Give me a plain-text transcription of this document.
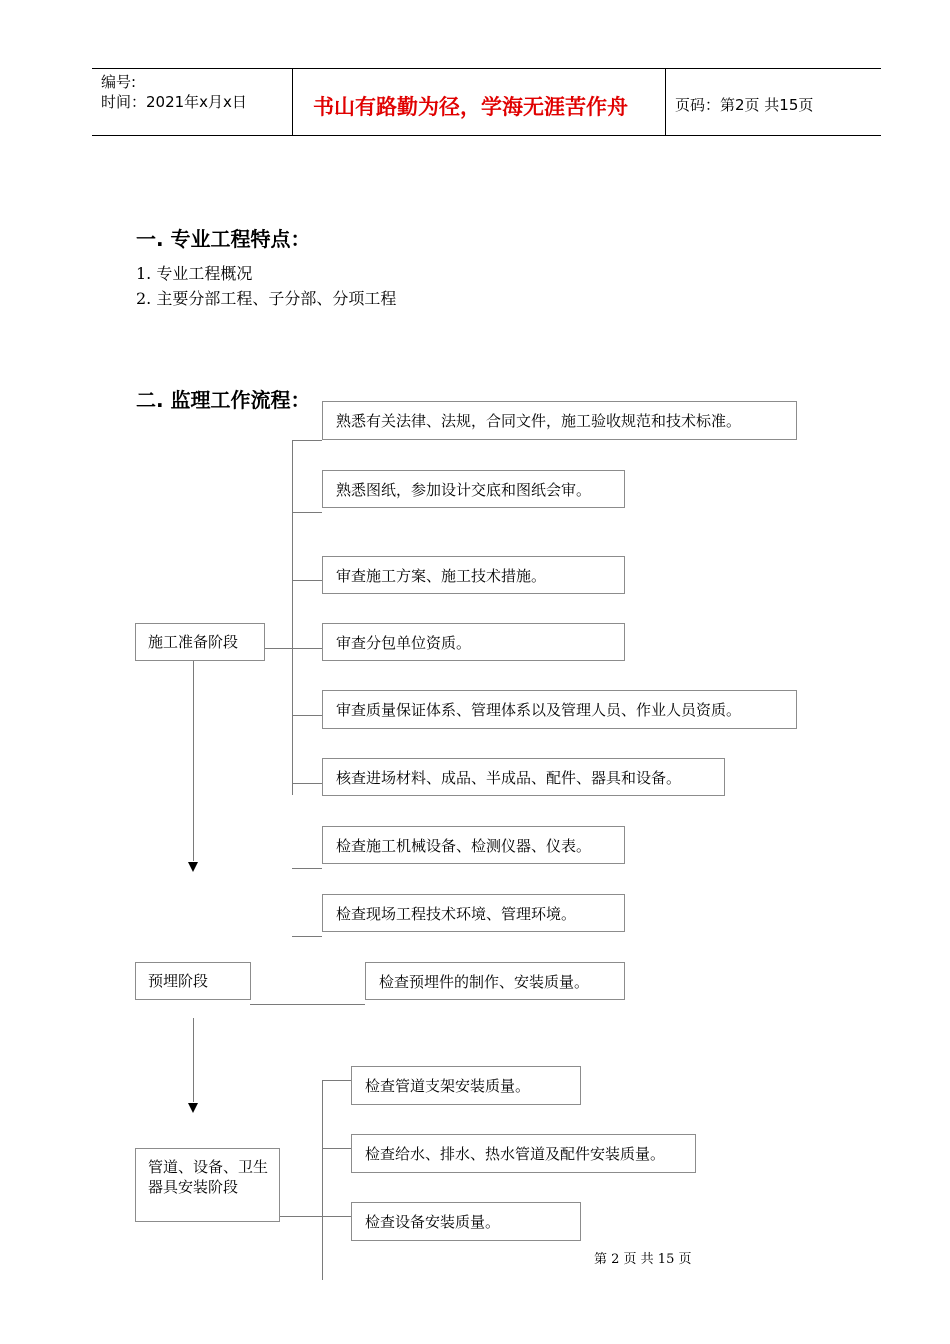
编号:
时间：2021年x月x日	书山有路勤为径，学海无涯苦作舟	页码：第2页 共15页
一. 专业工程特点：
1. 专业工程概况
2. 主要分部工程、子分部、分项工程
二. 监理工作流程：
施工准备阶段
预埋阶段
管道、设备、卫生器具安装阶段
熟悉有关法律、法规，合同文件，施工验收规范和技术标准。
熟悉图纸，参加设计交底和图纸会审。
审查施工方案、施工技术措施。
审查分包单位资质。
审查质量保证体系、管理体系以及管理人员、作业人员资质。
核查进场材料、成品、半成品、配件、器具和设备。
检查施工机械设备、检测仪器、仪表。
检查现场工程技术环境、管理环境。
检查预埋件的制作、安装质量。
检查管道支架安装质量。
检查给水、排水、热水管道及配件安装质量。
检查设备安装质量。
第 2 页 共 15 页
